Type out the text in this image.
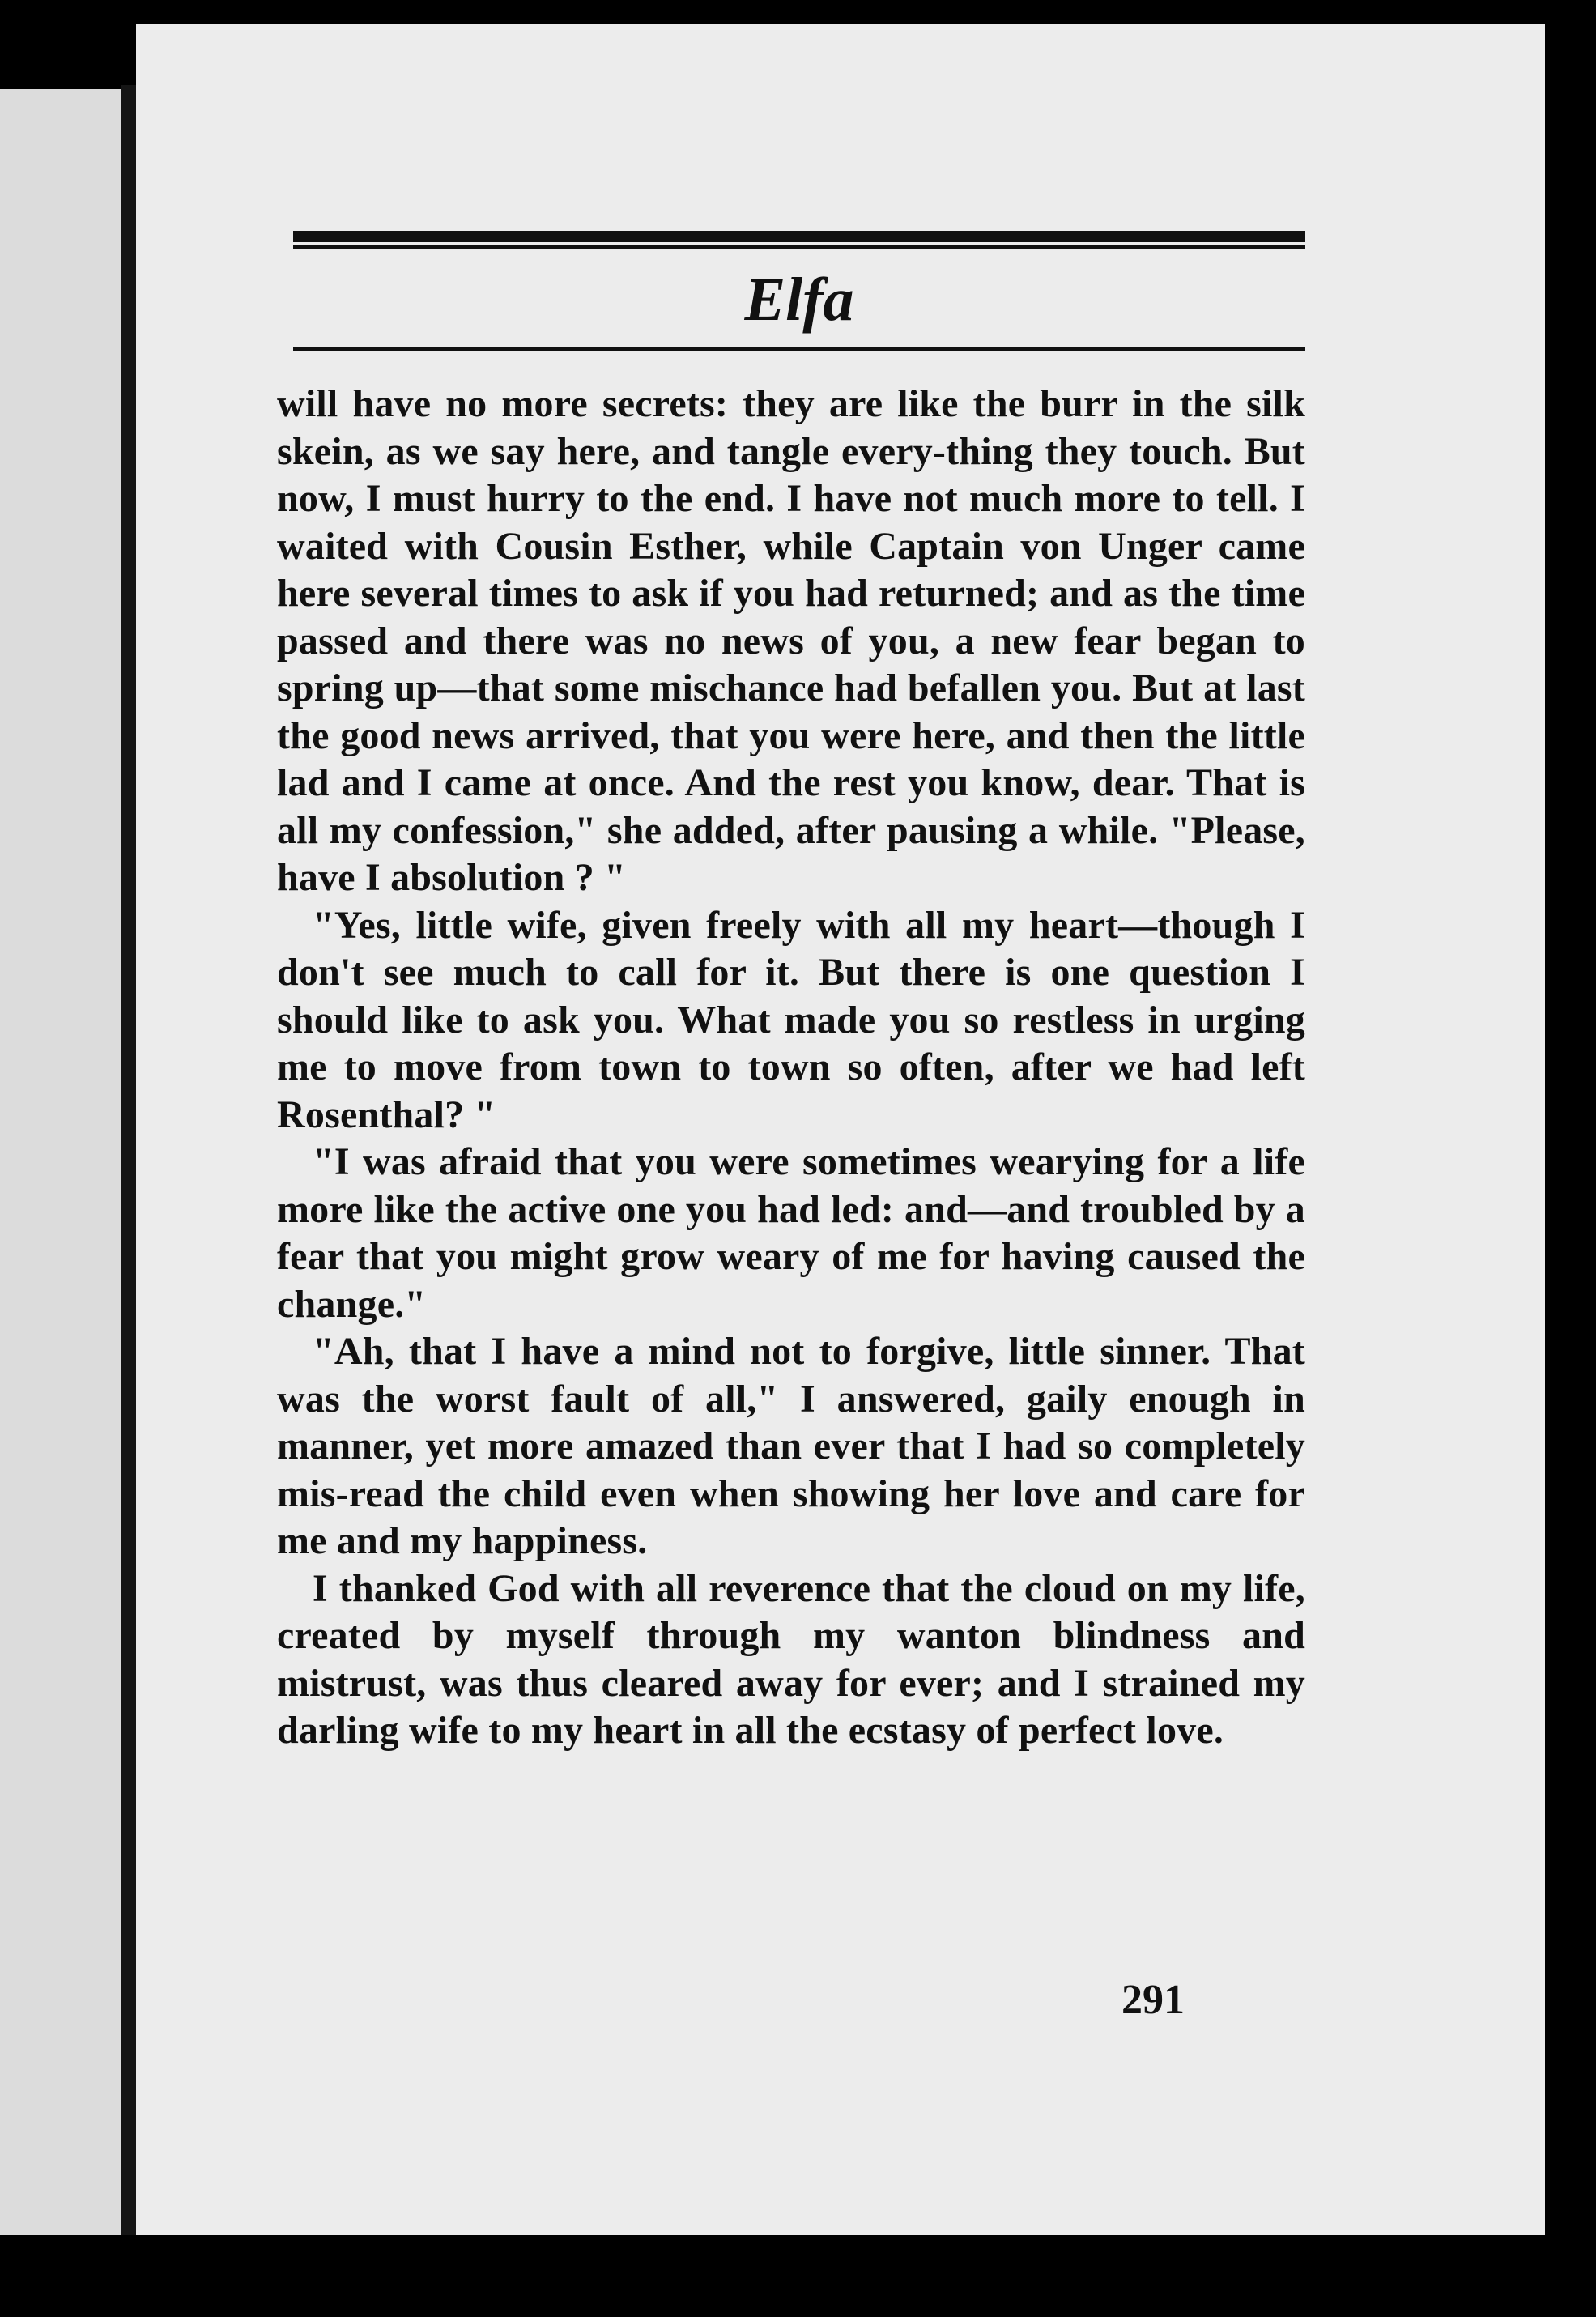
Elfa

will have no more secrets: they are like the burr in the silk skein, as we say here, and tangle every-thing they touch. But now, I must hurry to the end. I have not much more to tell. I waited with Cousin Esther, while Captain von Unger came here several times to ask if you had returned; and as the time passed and there was no news of you, a new fear began to spring up—that some mischance had befallen you. But at last the good news arrived, that you were here, and then the little lad and I came at once. And the rest you know, dear. That is all my confession," she added, after pausing a while. "Please, have I absolution ? "

"Yes, little wife, given freely with all my heart—though I don't see much to call for it. But there is one question I should like to ask you. What made you so restless in urging me to move from town to town so often, after we had left Rosenthal? "

"I was afraid that you were sometimes wearying for a life more like the active one you had led: and—and troubled by a fear that you might grow weary of me for having caused the change."

"Ah, that I have a mind not to forgive, little sinner. That was the worst fault of all," I answered, gaily enough in manner, yet more amazed than ever that I had so completely mis-read the child even when showing her love and care for me and my happiness.

I thanked God with all reverence that the cloud on my life, created by myself through my wanton blindness and mistrust, was thus cleared away for ever; and I strained my darling wife to my heart in all the ecstasy of perfect love.

291
